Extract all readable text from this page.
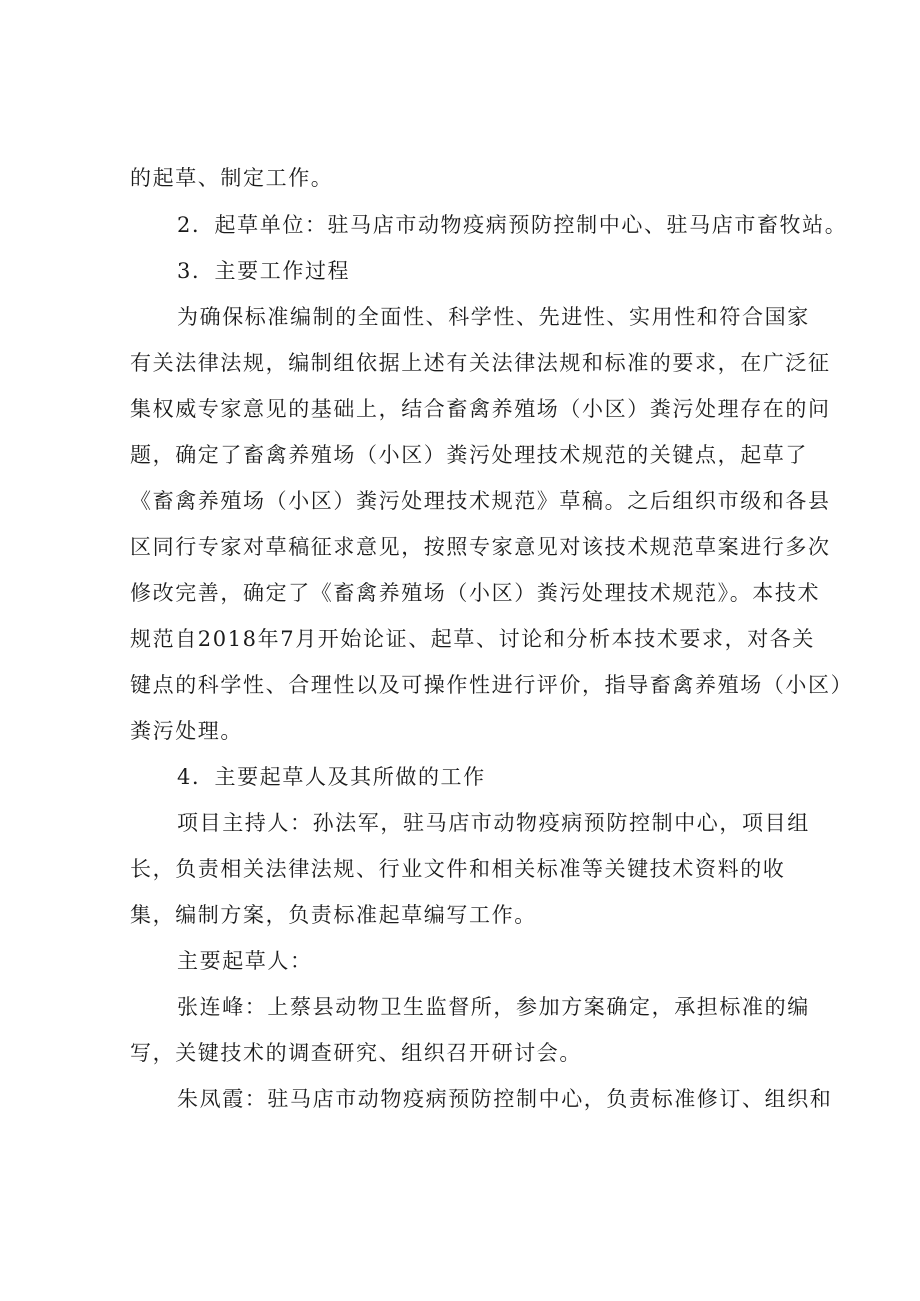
的起草、制定工作。
2．起草单位：驻马店市动物疫病预防控制中心、驻马店市畜牧站。
3．主要工作过程
为确保标准编制的全面性、科学性、先进性、实用性和符合国家
有关法律法规，编制组依据上述有关法律法规和标准的要求，在广泛征
集权威专家意见的基础上，结合畜禽养殖场（小区）粪污处理存在的问
题，确定了畜禽养殖场（小区）粪污处理技术规范的关键点，起草了
《畜禽养殖场（小区）粪污处理技术规范》草稿。之后组织市级和各县
区同行专家对草稿征求意见，按照专家意见对该技术规范草案进行多次
修改完善，确定了《畜禽养殖场（小区）粪污处理技术规范》。本技术
规范自2018年7月开始论证、起草、讨论和分析本技术要求，对各关
键点的科学性、合理性以及可操作性进行评价，指导畜禽养殖场（小区）
粪污处理。
4．主要起草人及其所做的工作
项目主持人：孙法军，驻马店市动物疫病预防控制中心，项目组
长，负责相关法律法规、行业文件和相关标准等关键技术资料的收
集，编制方案，负责标准起草编写工作。
主要起草人：
张连峰：上蔡县动物卫生监督所，参加方案确定，承担标准的编
写，关键技术的调查研究、组织召开研讨会。
朱凤霞：驻马店市动物疫病预防控制中心，负责标准修订、组织和
